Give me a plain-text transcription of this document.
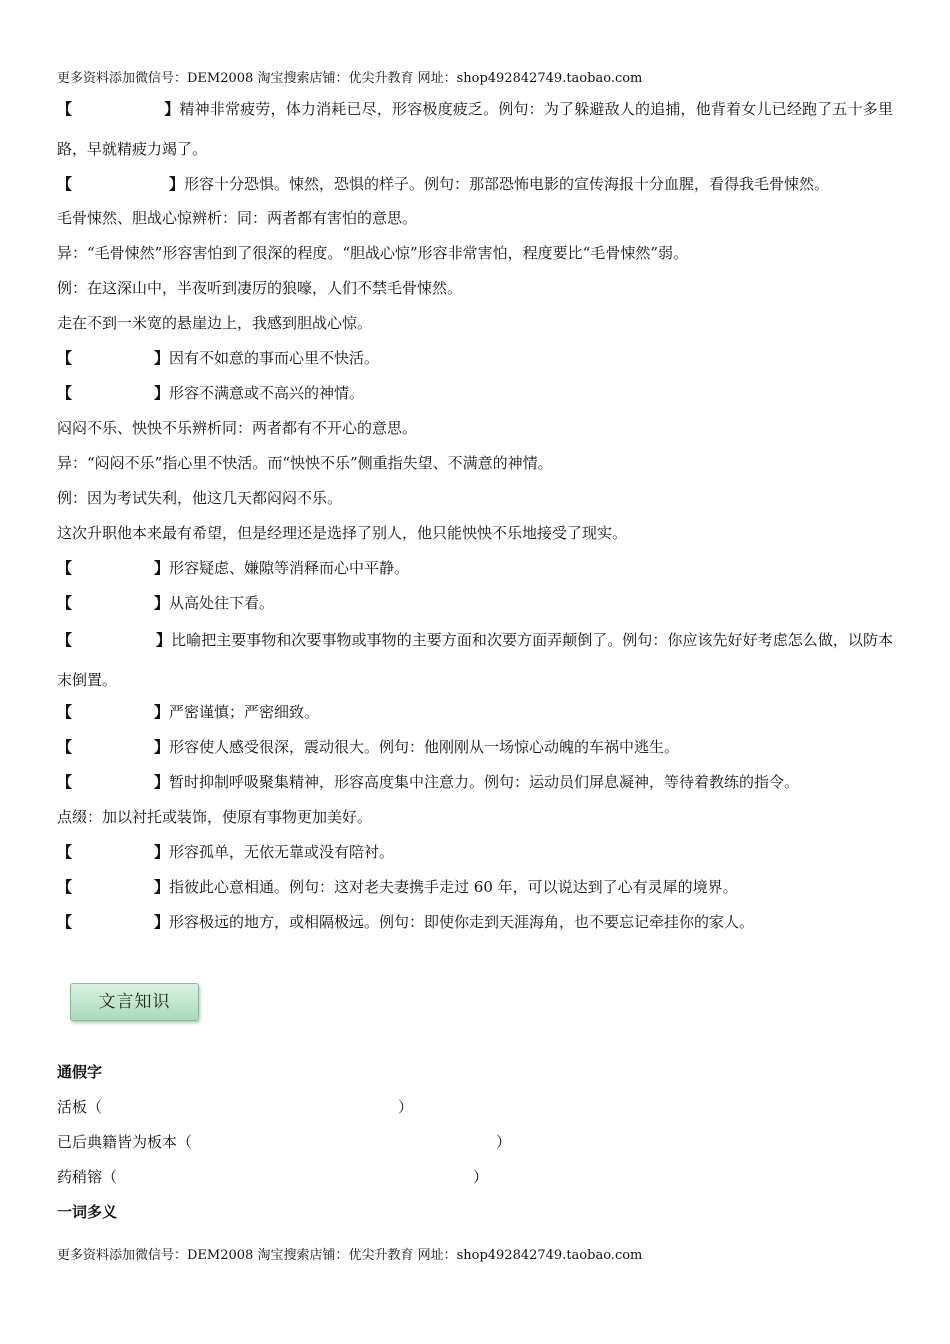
更多资料添加微信号：DEM2008 淘宝搜索店铺：优尖升教育 网址：shop492842749.taobao.com
【	】精神非常疲劳，体力消耗已尽，形容极度疲乏。例句：为了躲避敌人的追捕，他背着女儿已经跑了五十多里路，早就精疲力竭了。
【	】形容十分恐惧。悚然，恐惧的样子。例句：那部恐怖电影的宣传海报十分血腥，看得我毛骨悚然。
毛骨悚然、胆战心惊辨析：同：两者都有害怕的意思。
异：“毛骨悚然”形容害怕到了很深的程度。“胆战心惊”形容非常害怕，程度要比“毛骨悚然”弱。
例：在这深山中，半夜听到凄厉的狼嚎，人们不禁毛骨悚然。
走在不到一米宽的悬崖边上，我感到胆战心惊。
【	】因有不如意的事而心里不快活。
【	】形容不满意或不高兴的神情。
闷闷不乐、怏怏不乐辨析同：两者都有不开心的意思。
异：“闷闷不乐”指心里不快活。而“怏怏不乐”侧重指失望、不满意的神情。
例：因为考试失利，他这几天都闷闷不乐。
这次升职他本来最有希望，但是经理还是选择了别人，他只能怏怏不乐地接受了现实。
【	】形容疑虑、嫌隙等消释而心中平静。
【	】从高处往下看。
【	】比喻把主要事物和次要事物或事物的主要方面和次要方面弄颠倒了。例句：你应该先好好考虑怎么做，以防本末倒置。
【	】严密谨慎；严密细致。
【	】形容使人感受很深，震动很大。例句：他刚刚从一场惊心动魄的车祸中逃生。
【	】暂时抑制呼吸聚集精神，形容高度集中注意力。例句：运动员们屏息凝神，等待着教练的指令。
点缀：加以衬托或装饰，使原有事物更加美好。
【	】形容孤单，无依无靠或没有陪衬。
【	】指彼此心意相通。例句：这对老夫妻携手走过 60 年，可以说达到了心有灵犀的境界。
【	】形容极远的地方，或相隔极远。例句：即使你走到天涯海角，也不要忘记牵挂你的家人。
文言知识
通假字
活板（	）
已后典籍皆为板本（	）
药稍镕（	）
一词多义
更多资料添加微信号：DEM2008 淘宝搜索店铺：优尖升教育 网址：shop492842749.taobao.com
